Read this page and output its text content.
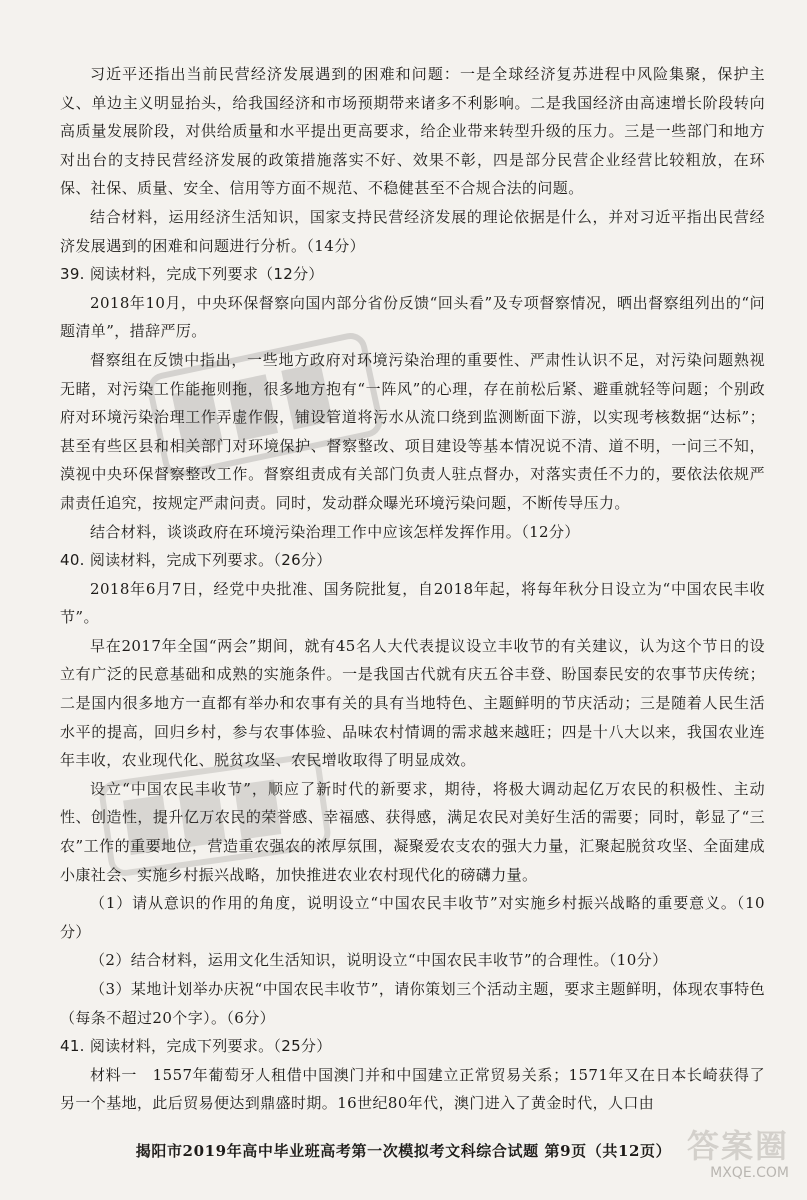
习近平还指出当前民营经济发展遇到的困难和问题：一是全球经济复苏进程中风险集聚，保护主义、单边主义明显抬头，给我国经济和市场预期带来诸多不利影响。二是我国经济由高速增长阶段转向高质量发展阶段，对供给质量和水平提出更高要求，给企业带来转型升级的压力。三是一些部门和地方对出台的支持民营经济发展的政策措施落实不好、效果不彰，四是部分民营企业经营比较粗放，在环保、社保、质量、安全、信用等方面不规范、不稳健甚至不合规合法的问题。

结合材料，运用经济生活知识，国家支持民营经济发展的理论依据是什么，并对习近平指出民营经济发展遇到的困难和问题进行分析。（14分）

39. 阅读材料，完成下列要求（12分）

2018年10月，中央环保督察向国内部分省份反馈“回头看”及专项督察情况，晒出督察组列出的“问题清单”，措辞严厉。

督察组在反馈中指出，一些地方政府对环境污染治理的重要性、严肃性认识不足，对污染问题熟视无睹，对污染工作能拖则拖，很多地方抱有“一阵风”的心理，存在前松后紧、避重就轻等问题；个别政府对环境污染治理工作弄虚作假，铺设管道将污水从流口绕到监测断面下游，以实现考核数据“达标”；甚至有些区县和相关部门对环境保护、督察整改、项目建设等基本情况说不清、道不明，一问三不知，漠视中央环保督察整改工作。督察组责成有关部门负责人驻点督办，对落实责任不力的，要依法依规严肃责任追究，按规定严肃问责。同时，发动群众曝光环境污染问题，不断传导压力。

结合材料，谈谈政府在环境污染治理工作中应该怎样发挥作用。（12分）

40. 阅读材料，完成下列要求。（26分）

2018年6月7日，经党中央批准、国务院批复，自2018年起，将每年秋分日设立为“中国农民丰收节”。

早在2017年全国“两会”期间，就有45名人大代表提议设立丰收节的有关建议，认为这个节日的设立有广泛的民意基础和成熟的实施条件。一是我国古代就有庆五谷丰登、盼国泰民安的农事节庆传统；二是国内很多地方一直都有举办和农事有关的具有当地特色、主题鲜明的节庆活动；三是随着人民生活水平的提高，回归乡村，参与农事体验、品味农村情调的需求越来越旺；四是十八大以来，我国农业连年丰收，农业现代化、脱贫攻坚、农民增收取得了明显成效。

设立“中国农民丰收节”，顺应了新时代的新要求，期待，将极大调动起亿万农民的积极性、主动性、创造性，提升亿万农民的荣誉感、幸福感、获得感，满足农民对美好生活的需要；同时，彰显了“三农”工作的重要地位，营造重农强农的浓厚氛围，凝聚爱农支农的强大力量，汇聚起脱贫攻坚、全面建成小康社会、实施乡村振兴战略，加快推进农业农村现代化的磅礴力量。

（1）请从意识的作用的角度，说明设立“中国农民丰收节”对实施乡村振兴战略的重要意义。（10分）

（2）结合材料，运用文化生活知识，说明设立“中国农民丰收节”的合理性。（10分）

（3）某地计划举办庆祝“中国农民丰收节”，请你策划三个活动主题，要求主题鲜明，体现农事特色（每条不超过20个字）。（6分）

41. 阅读材料，完成下列要求。（25分）

材料一　1557年葡萄牙人租借中国澳门并和中国建立正常贸易关系；1571年又在日本长崎获得了另一个基地，此后贸易便达到鼎盛时期。16世纪80年代，澳门进入了黄金时代，人口由

揭阳市2019年高中毕业班高考第一次模拟考文科综合试题 第9页（共12页） 答案圈
MXQE.COM
